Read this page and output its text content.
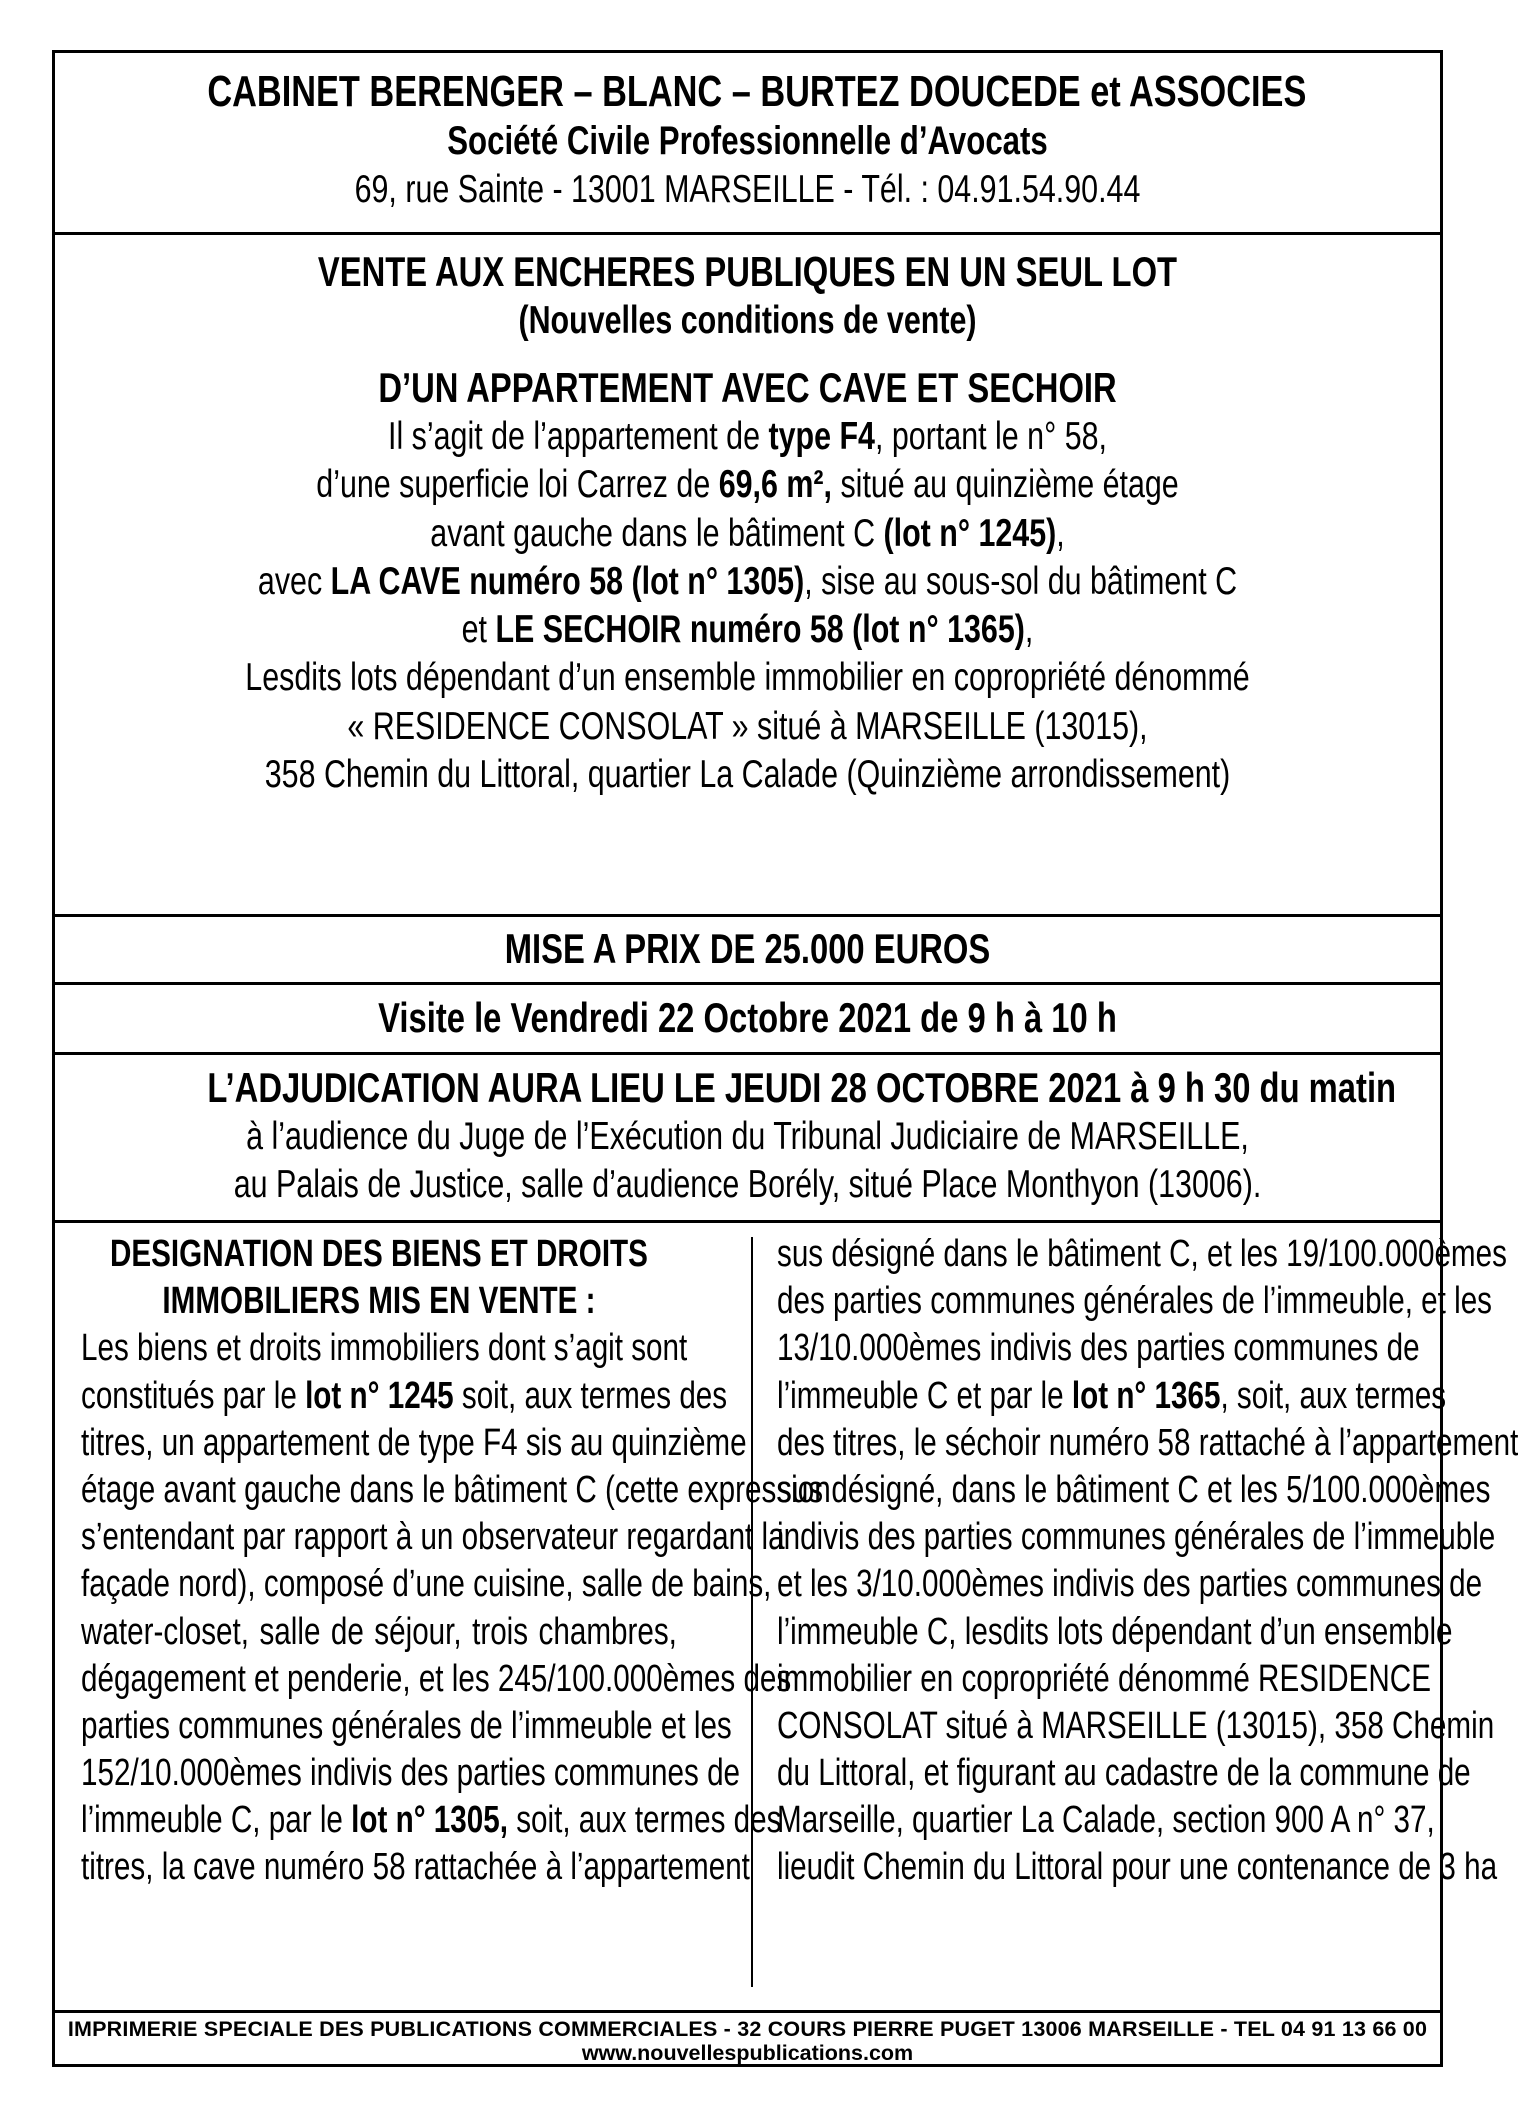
CABINET BERENGER – BLANC – BURTEZ DOUCEDE et ASSOCIES
Société Civile Professionnelle d’Avocats
69, rue Sainte - 13001 MARSEILLE - Tél. : 04.91.54.90.44
VENTE AUX ENCHERES PUBLIQUES EN UN SEUL LOT
(Nouvelles conditions de vente)
D’UN APPARTEMENT AVEC CAVE ET SECHOIR
Il s’agit de l’appartement de type F4, portant le n° 58,
d’une superficie loi Carrez de 69,6 m², situé au quinzième étage
avant gauche dans le bâtiment C (lot n° 1245),
avec LA CAVE numéro 58 (lot n° 1305), sise au sous-sol du bâtiment C
et LE SECHOIR numéro 58 (lot n° 1365),
Lesdits lots dépendant d’un ensemble immobilier en copropriété dénommé
« RESIDENCE CONSOLAT » situé à MARSEILLE (13015),
358 Chemin du Littoral, quartier La Calade (Quinzième arrondissement)
MISE A PRIX DE 25.000 EUROS
Visite le Vendredi 22 Octobre 2021 de 9 h à 10 h
L’ADJUDICATION AURA LIEU LE JEUDI 28 OCTOBRE 2021 à 9 h 30 du matin
à l’audience du Juge de l’Exécution du Tribunal Judiciaire de MARSEILLE,
au Palais de Justice, salle d’audience Borély, situé Place Monthyon (13006).
DESIGNATION DES BIENS ET DROITS
IMMOBILIERS MIS EN VENTE :
Les biens et droits immobiliers dont s’agit sont
constitués par le lot n° 1245 soit, aux termes des
titres, un appartement de type F4 sis au quinzième
étage avant gauche dans le bâtiment C (cette expression
s’entendant par rapport à un observateur regardant la
façade nord), composé d’une cuisine, salle de bains,
water-closet, salle de séjour, trois chambres,
dégagement et penderie, et les 245/100.000èmes des
parties communes générales de l’immeuble et les
152/10.000èmes indivis des parties communes de
l’immeuble C, par le lot n° 1305, soit, aux termes des
titres, la cave numéro 58 rattachée à l’appartement
sus désigné dans le bâtiment C, et les 19/100.000èmes
des parties communes générales de l’immeuble, et les
13/10.000èmes indivis des parties communes de
l’immeuble C et par le lot n° 1365, soit, aux termes
des titres, le séchoir numéro 58 rattaché à l’appartement
sus désigné, dans le bâtiment C et les 5/100.000èmes
indivis des parties communes générales de l’immeuble
et les 3/10.000èmes indivis des parties communes de
l’immeuble C, lesdits lots dépendant d’un ensemble
immobilier en copropriété dénommé RESIDENCE
CONSOLAT situé à MARSEILLE (13015), 358 Chemin
du Littoral, et figurant au cadastre de la commune de
Marseille, quartier La Calade, section 900 A n° 37,
lieudit Chemin du Littoral pour une contenance de 3 ha
IMPRIMERIE SPECIALE DES PUBLICATIONS COMMERCIALES - 32 COURS PIERRE PUGET 13006 MARSEILLE - TEL 04 91 13 66 00
www.nouvellespublications.com
